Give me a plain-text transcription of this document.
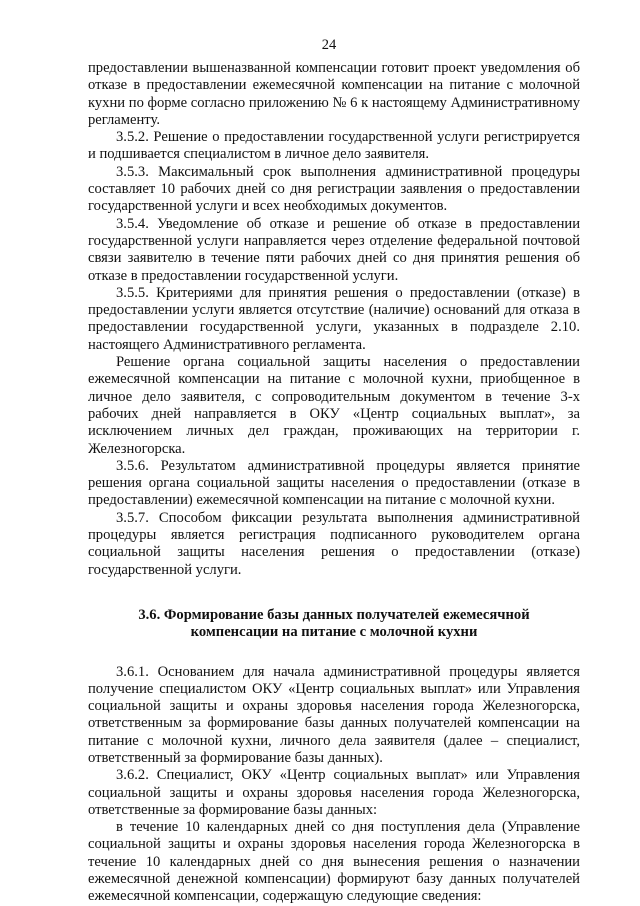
24

предоставлении вышеназванной компенсации готовит проект уведомления об отказе в предоставлении ежемесячной компенсации на питание с молочной кухни по форме согласно приложению № 6 к настоящему Административному регламенту.

3.5.2. Решение о предоставлении государственной услуги регистрируется и подшивается специалистом в личное дело заявителя.

3.5.3. Максимальный срок выполнения административной процедуры составляет 10 рабочих дней со дня регистрации заявления о предоставлении государственной услуги и всех необходимых документов.

3.5.4. Уведомление об отказе и решение об отказе в предоставлении государственной услуги направляется через отделение федеральной почтовой связи заявителю в течение пяти рабочих дней со дня принятия решения об отказе в предоставлении государственной услуги.

3.5.5. Критериями для принятия решения о предоставлении (отказе) в предоставлении услуги является отсутствие (наличие) оснований для отказа в предоставлении государственной услуги, указанных в подразделе 2.10. настоящего Административного регламента.

Решение органа социальной защиты населения о предоставлении ежемесячной компенсации на питание с молочной кухни, приобщенное в личное дело заявителя, с сопроводительным документом в течение 3-х рабочих дней направляется в ОКУ «Центр социальных выплат», за исключением личных дел граждан, проживающих на территории г. Железногорска.

3.5.6. Результатом административной процедуры является принятие решения органа социальной защиты населения о предоставлении (отказе в предоставлении) ежемесячной компенсации на питание с молочной кухни.

3.5.7. Способом фиксации результата выполнения административной процедуры является регистрация подписанного руководителем органа социальной защиты населения решения о предоставлении (отказе) государственной услуги.

3.6. Формирование базы данных получателей ежемесячной компенсации на питание с молочной кухни

3.6.1. Основанием для начала административной процедуры является получение специалистом ОКУ «Центр социальных выплат» или Управления социальной защиты и охраны здоровья населения города Железногорска, ответственным за формирование базы данных получателей компенсации на питание с молочной кухни, личного дела заявителя (далее – специалист, ответственный за формирование базы данных).

3.6.2. Специалист, ОКУ «Центр социальных выплат» или Управления социальной защиты и охраны здоровья населения города Железногорска, ответственные за формирование базы данных:

в течение 10 календарных дней со дня поступления дела (Управление социальной защиты и охраны здоровья населения города Железногорска в течение 10 календарных дней со дня вынесения решения о назначении ежемесячной денежной компенсации) формируют базу данных получателей ежемесячной компенсации, содержащую следующие сведения:
